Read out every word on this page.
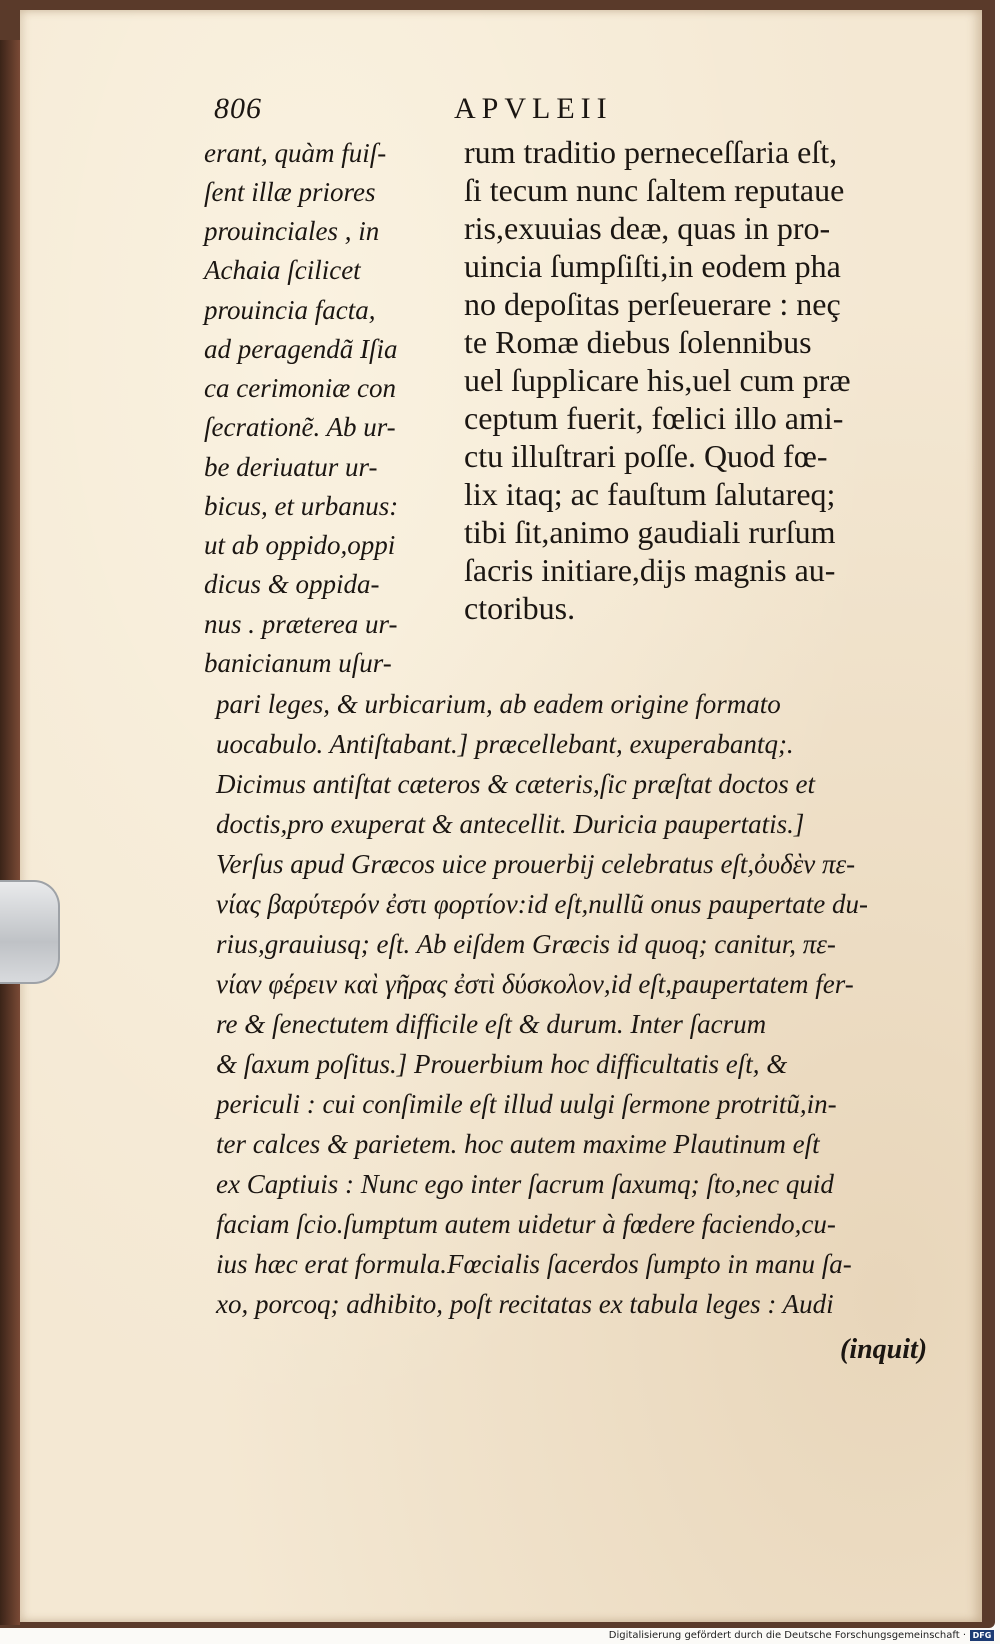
806	APVLEII
erant, quàm fuiſ-
ſent illæ priores
prouinciales , in
Achaia ſcilicet
prouincia facta,
ad peragendã Iſia
ca cerimoniæ con
ſecrationẽ. Ab ur-
be deriuatur ur-
bicus, et urbanus:
ut ab oppido,oppi
dicus & oppida-
nus . præterea ur-
banicianum uſur-
rum traditio perneceſſaria eſt,
ſi tecum nunc ſaltem reputaue
ris,exuuias deæ, quas in pro-
uincia ſumpſiſti,in eodem pha
no depoſitas perſeuerare : neç
te Romæ diebus ſolennibus
uel ſupplicare his,uel cum præ
ceptum fuerit, fœlici illo ami-
ctu illuſtrari poſſe. Quod fœ-
lix itaq; ac fauſtum ſalutareq;
tibi ſit,animo gaudiali rurſum
ſacris initiare,dijs magnis au-
ctoribus.
pari leges, & urbicarium, ab eadem origine formato
uocabulo. Antiſtabant.] præcellebant, exuperabantq;.
Dicimus antiſtat cæteros & cæteris,ſic præſtat doctos et
doctis,pro exuperat & antecellit. Duricia paupertatis.]
Verſus apud Græcos uice prouerbij celebratus eſt,ὀυδὲν πε-
νίας βαρύτερόν ἐστι φορτίον:id eſt,nullũ onus paupertate du-
rius,grauiusq; eſt. Ab eiſdem Græcis id quoq; canitur, πε-
νίαν φέρειν καὶ γῆρας ἐστὶ δύσκολον,id eſt,paupertatem fer-
re & ſenectutem difficile eſt & durum. Inter ſacrum
& ſaxum poſitus.] Prouerbium hoc difficultatis eſt, &
periculi : cui conſimile eſt illud uulgi ſermone protritũ,in-
ter calces & parietem. hoc autem maxime Plautinum eſt
ex Captiuis : Nunc ego inter ſacrum ſaxumq; ſto,nec quid
faciam ſcio.ſumptum autem uidetur à fœdere faciendo,cu-
ius hæc erat formula.Fœcialis ſacerdos ſumpto in manu ſa-
xo, porcoq; adhibito, poſt recitatas ex tabula leges : Audi
(inquit)
Digitalisierung gefördert durch die Deutsche Forschungsgemeinschaft · DFG
